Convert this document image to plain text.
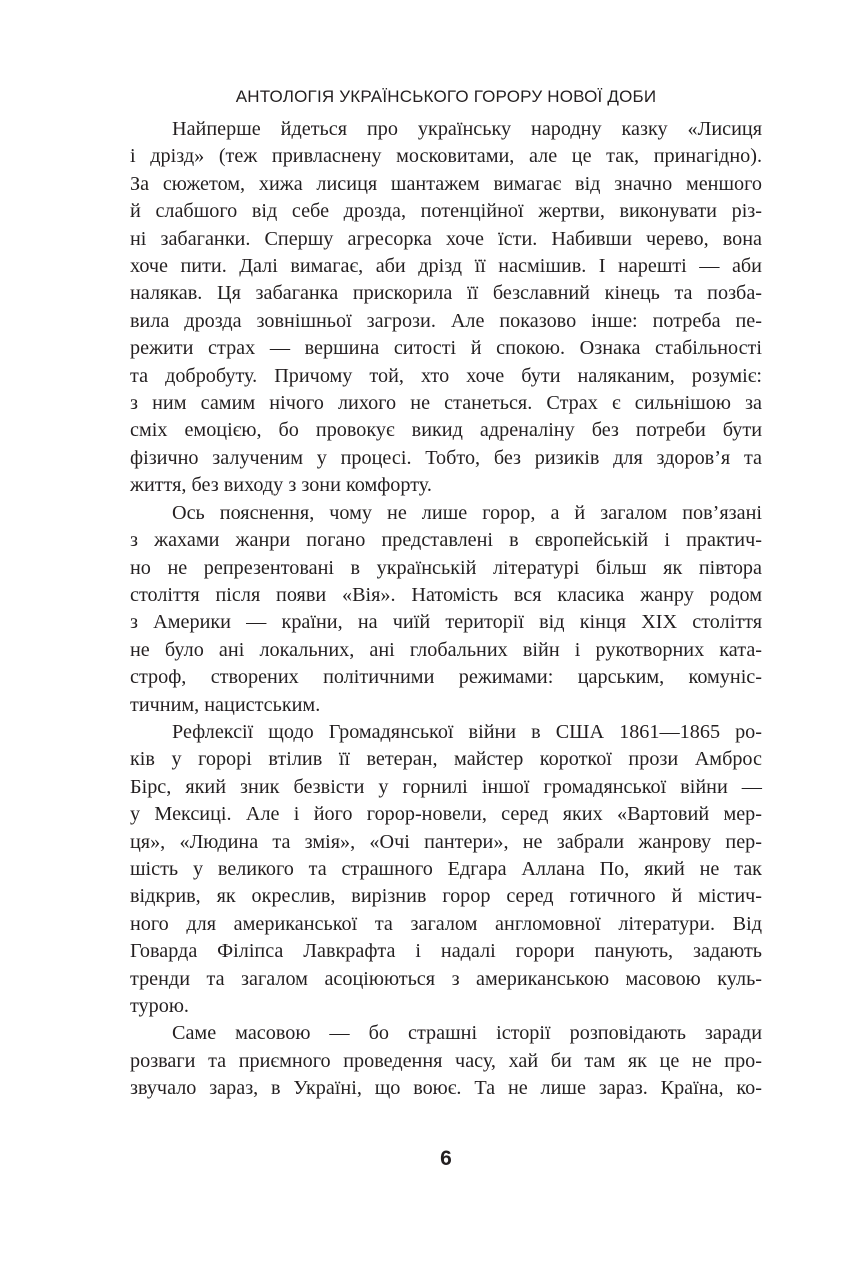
АНТОЛОГІЯ УКРАЇНСЬКОГО ГОРОРУ НОВОЇ ДОБИ
Найперше йдеться про українську народну казку «Лисиця
і дрізд» (теж привласнену московитами, але це так, принагідно).
За сюжетом, хижа лисиця шантажем вимагає від значно меншого
й слабшого від себе дрозда, потенційної жертви, виконувати різ-
ні забаганки. Спершу агресорка хоче їсти. Набивши черево, вона
хоче пити. Далі вимагає, аби дрізд її насмішив. І нарешті — аби
налякав. Ця забаганка прискорила її безславний кінець та позба-
вила дрозда зовнішньої загрози. Але показово інше: потреба пе-
режити страх — вершина ситості й спокою. Ознака стабільності
та добробуту. Причому той, хто хоче бути наляканим, розуміє:
з ним самим нічого лихого не станеться. Страх є сильнішою за
сміх емоцією, бо провокує викид адреналіну без потреби бути
фізично залученим у процесі. Тобто, без ризиків для здоров’я та
життя, без виходу з зони комфорту.
Ось пояснення, чому не лише горор, а й загалом пов’язані
з жахами жанри погано представлені в європейській і практич-
но не репрезентовані в українській літературі більш як півтора
століття після появи «Вія». Натомість вся класика жанру родом
з Америки — країни, на чиїй території від кінця XIX століття
не було ані локальних, ані глобальних війн і рукотворних ката-
строф, створених політичними режимами: царським, комуніс-
тичним, нацистським.
Рефлексії щодо Громадянської війни в США 1861—1865 ро-
ків у горорі втілив її ветеран, майстер короткої прози Амброс
Бірс, який зник безвісти у горнилі іншої громадянської війни —
у Мексиці. Але і його горор-новели, серед яких «Вартовий мер-
ця», «Людина та змія», «Очі пантери», не забрали жанрову пер-
шість у великого та страшного Едгара Аллана По, який не так
відкрив, як окреслив, вирізнив горор серед готичного й містич-
ного для американської та загалом англомовної літератури. Від
Говарда Філіпса Лавкрафта і надалі горори панують, задають
тренди та загалом асоціюються з американською масовою куль-
турою.
Саме масовою — бо страшні історії розповідають заради
розваги та приємного проведення часу, хай би там як це не про-
звучало зараз, в Україні, що воює. Та не лише зараз. Країна, ко-
6
